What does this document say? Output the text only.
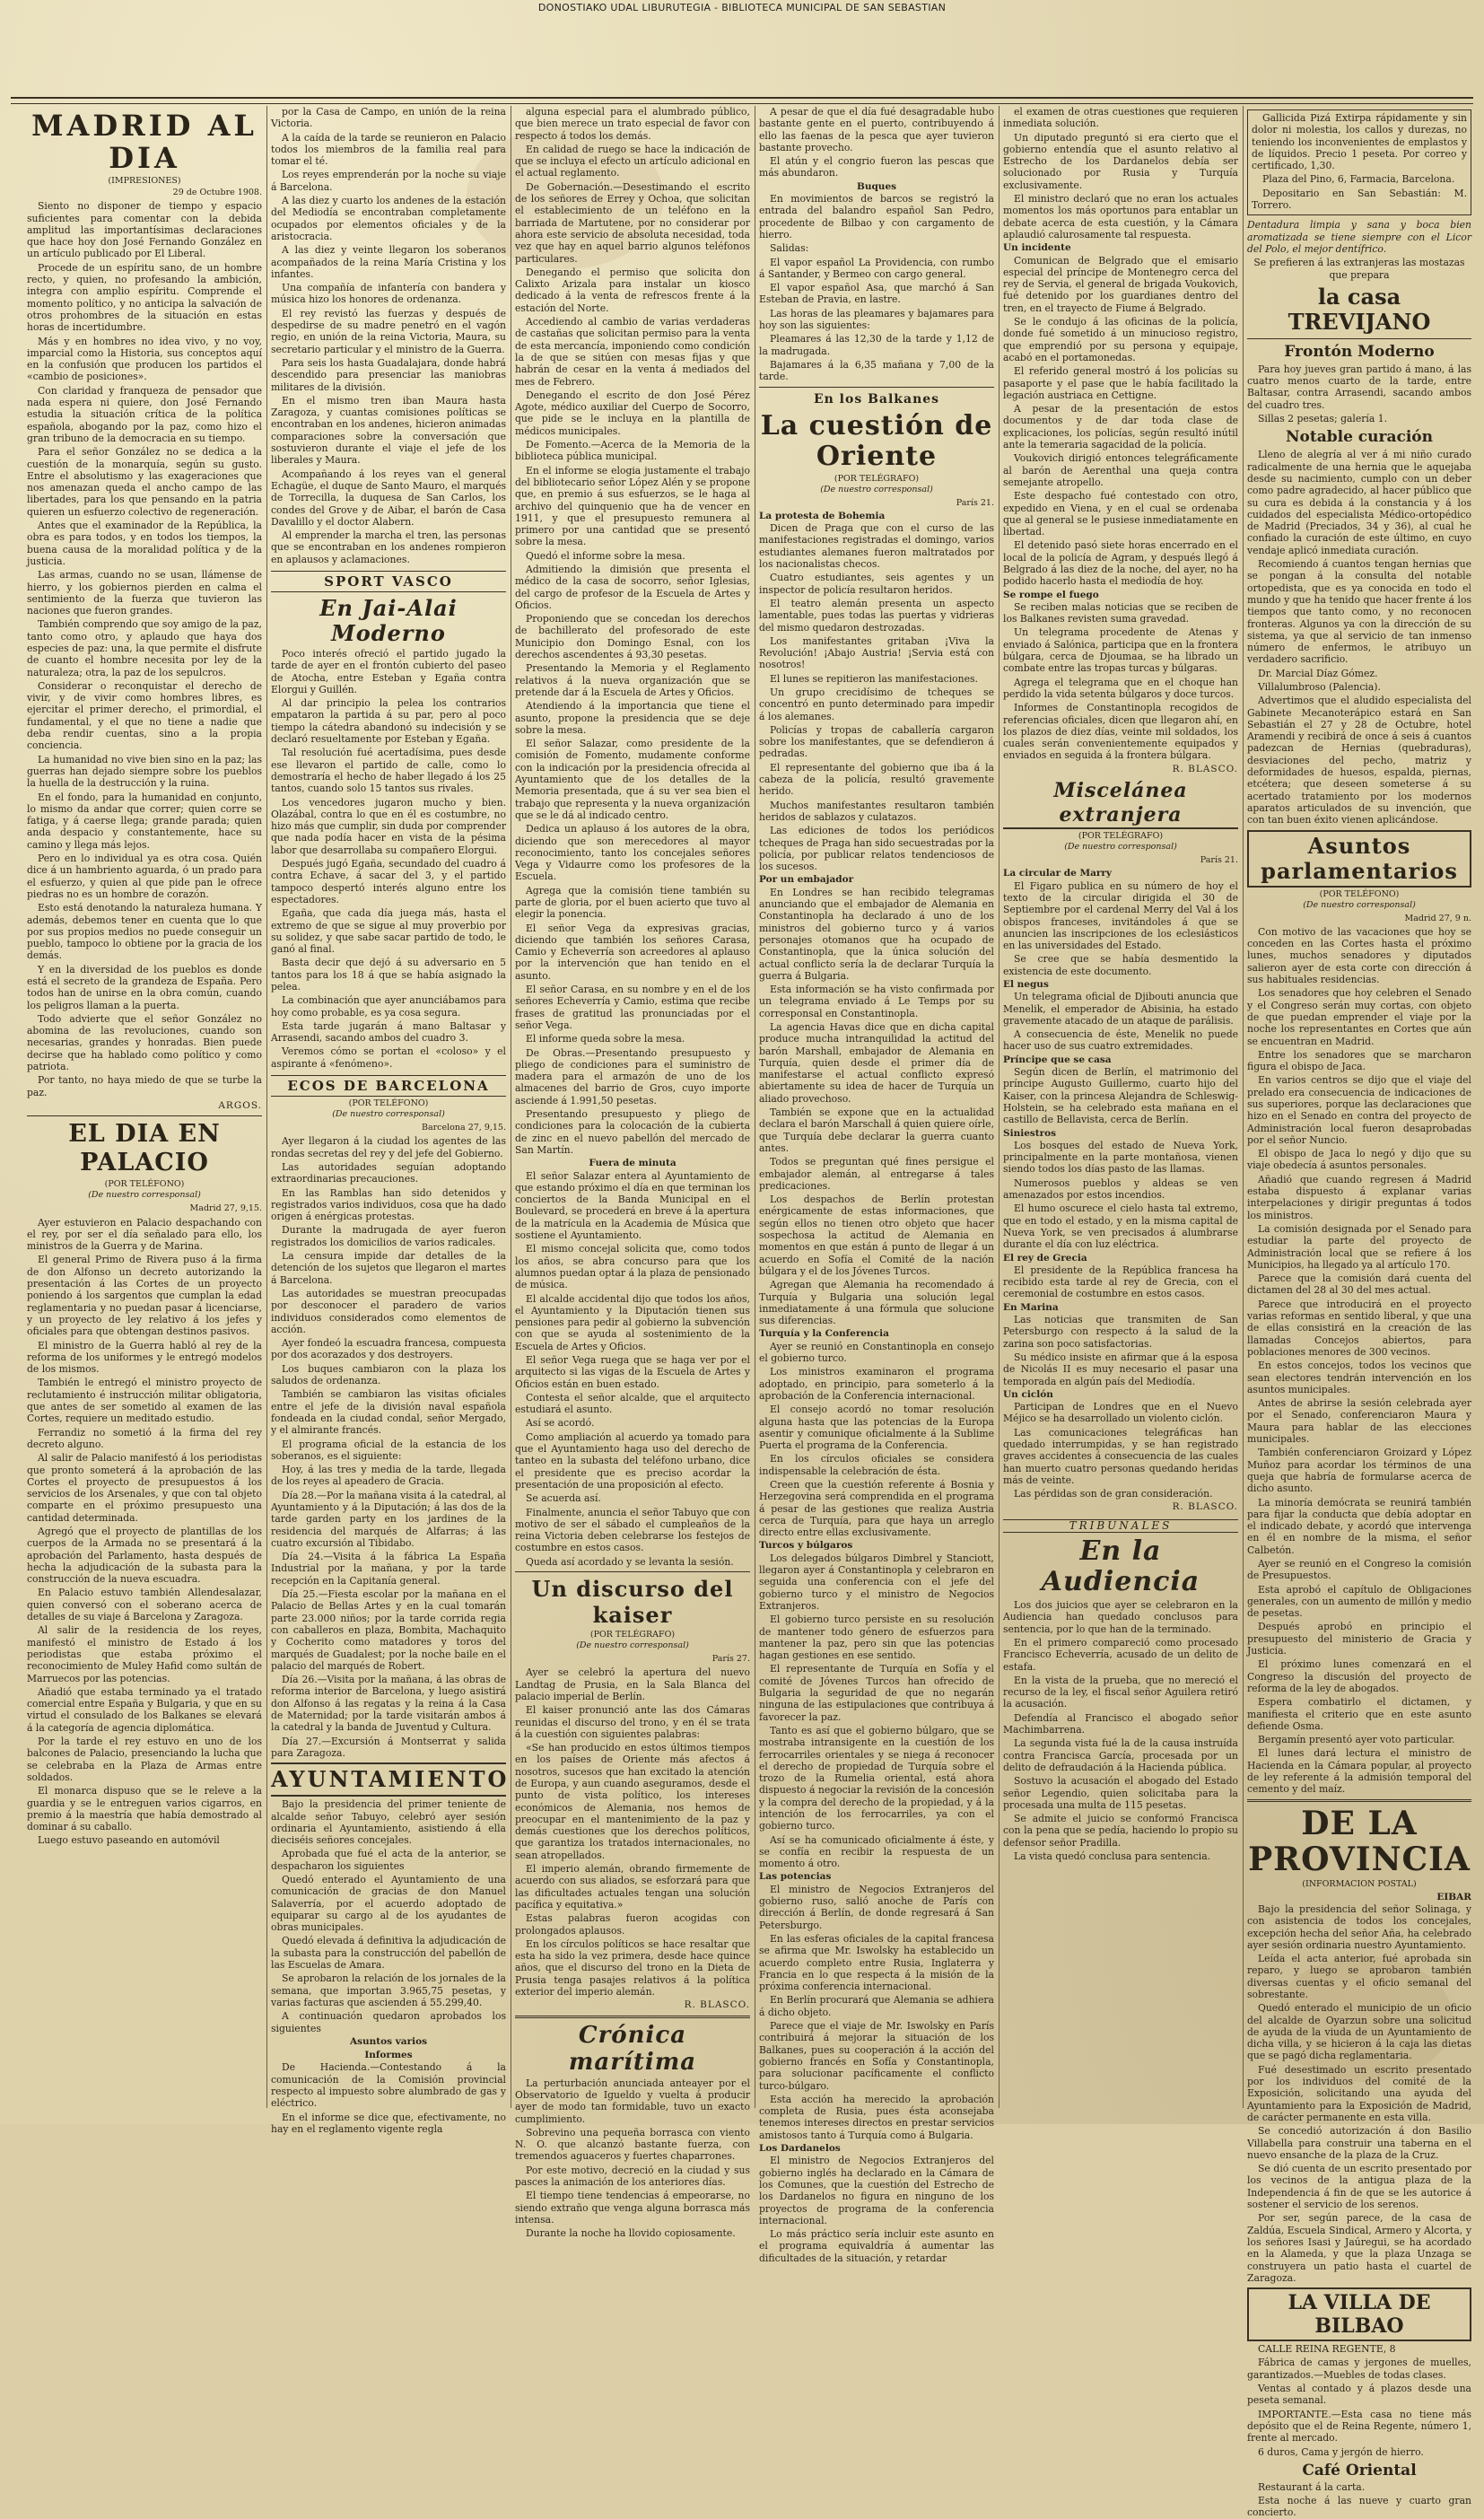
DONOSTIAKO UDAL LIBURUTEGIA - BIBLIOTECA MUNICIPAL DE SAN SEBASTIAN
MADRID AL DIA
(IMPRESIONES)
29 de Octubre 1908.

Siento no disponer de tiempo y espacio suficientes para comentar con la debida amplitud las importantísimas declaraciones que hace hoy don José Fernando González en un artículo publicado por El Liberal.

Procede de un espíritu sano, de un hombre recto, y quien, no profesando la ambición, integra con amplio espíritu. Comprende el momento político, y no anticipa la salvación de otros prohombres de la situación en estas horas de incertidumbre.

Más y en hombres no idea vivo, y no voy, imparcial como la Historia, sus conceptos aquí en la confusión que producen los partidos el «cambio de posiciones».

Con claridad y franqueza de pensador que nada espera ni quiere, don José Fernando estudia la situación crítica de la política española, abogando por la paz, como hizo el gran tribuno de la democracia en su tiempo.

Para el señor González no se dedica a la cuestión de la monarquía, según su gusto. Entre el absolutismo y las exageraciones que nos amenazan queda el ancho campo de las libertades, para los que pensando en la patria quieren un esfuerzo colectivo de regeneración.

Antes que el examinador de la República, la obra es para todos, y en todos los tiempos, la buena causa de la moralidad política y de la justicia.

Las armas, cuando no se usan, llámense de hierro, y los gobiernos pierden en calma el sentimiento de la fuerza que tuvieron las naciones que fueron grandes.

También comprendo que soy amigo de la paz, tanto como otro, y aplaudo que haya dos especies de paz: una, la que permite el disfrute de cuanto el hombre necesita por ley de la naturaleza; otra, la paz de los sepulcros.

Considerar o reconquistar el derecho de vivir, y de vivir como hombres libres, es ejercitar el primer derecho, el primordial, el fundamental, y el que no tiene a nadie que deba rendir cuentas, sino a la propia conciencia.

La humanidad no vive bien sino en la paz; las guerras han dejado siempre sobre los pueblos la huella de la destrucción y la ruina.

En el fondo, para la humanidad en conjunto, lo mismo da andar que correr; quien corre se fatiga, y á caerse llega; grande parada; quien anda despacio y constantemente, hace su camino y llega más lejos.

Pero en lo individual ya es otra cosa. Quién dice á un hambriento aguarda, ó un prado para el esfuerzo, y quien al que pide pan le ofrece piedras no es un hombre de corazón.

Esto está denotando la naturaleza humana. Y además, debemos tener en cuenta que lo que por sus propios medios no puede conseguir un pueblo, tampoco lo obtiene por la gracia de los demás.

Y en la diversidad de los pueblos es donde está el secreto de la grandeza de España. Pero todos han de unirse en la obra común, cuando los peligros llaman a la puerta.

Todo advierte que el señor González no abomina de las revoluciones, cuando son necesarias, grandes y honradas. Bien puede decirse que ha hablado como político y como patriota.

Por tanto, no haya miedo de que se turbe la paz.

ARGOS.
EL DIA EN PALACIO
(POR TELÉFONO)
(De nuestro corresponsal)
Madrid 27, 9,15.

Ayer estuvieron en Palacio despachando con el rey, por ser el día señalado para ello, los ministros de la Guerra y de Marina.

El general Primo de Rivera puso á la firma de don Alfonso un decreto autorizando la presentación á las Cortes de un proyecto poniendo á los sargentos que cumplan la edad reglamentaria y no puedan pasar á licenciarse, y un proyecto de ley relativo á los jefes y oficiales para que obtengan destinos pasivos.

El ministro de la Guerra habló al rey de la reforma de los uniformes y le entregó modelos de los mismos.

También le entregó el ministro proyecto de reclutamiento é instrucción militar obligatoria, que antes de ser sometido al examen de las Cortes, requiere un meditado estudio.

Ferrandiz no sometió á la firma del rey decreto alguno.

Al salir de Palacio manifestó á los periodistas que pronto someterá á la aprobación de las Cortes el proyecto de presupuestos á los servicios de los Arsenales, y que con tal objeto comparte en el próximo presupuesto una cantidad determinada.

Agregó que el proyecto de plantillas de los cuerpos de la Armada no se presentará á la aprobación del Parlamento, hasta después de hecha la adjudicación de la subasta para la construcción de la nueva escuadra.

En Palacio estuvo también Allendesalazar, quien conversó con el soberano acerca de detalles de su viaje á Barcelona y Zaragoza.

Al salir de la residencia de los reyes, manifestó el ministro de Estado á los periodistas que estaba próximo el reconocimiento de Muley Hafid como sultán de Marruecos por las potencias.

Añadió que estaba terminado ya el tratado comercial entre España y Bulgaria, y que en su virtud el consulado de los Balkanes se elevará á la categoría de agencia diplomática.

Por la tarde el rey estuvo en uno de los balcones de Palacio, presenciando la lucha que se celebraba en la Plaza de Armas entre soldados.

El monarca dispuso que se le releve a la guardia y se le entreguen varios cigarros, en premio á la maestría que había demostrado al dominar á su caballo.

Luego estuvo paseando en automóvil

por la Casa de Campo, en unión de la reina Victoria.

A la caída de la tarde se reunieron en Palacio todos los miembros de la familia real para tomar el té.

Los reyes emprenderán por la noche su viaje á Barcelona.

A las diez y cuarto los andenes de la estación del Mediodía se encontraban completamente ocupados por elementos oficiales y de la aristocracia.

A las diez y veinte llegaron los soberanos acompañados de la reina María Cristina y los infantes.

Una compañía de infantería con bandera y música hizo los honores de ordenanza.

El rey revistó las fuerzas y después de despedirse de su madre penetró en el vagón regio, en unión de la reina Victoria, Maura, su secretario particular y el ministro de la Guerra.

Para seis los hasta Guadalajara, donde habrá descendido para presenciar las maniobras militares de la división.

En el mismo tren iban Maura hasta Zaragoza, y cuantas comisiones políticas se encontraban en los andenes, hicieron animadas comparaciones sobre la conversación que sostuvieron durante el viaje el jefe de los liberales y Maura.

Acompañando á los reyes van el general Echagüe, el duque de Santo Mauro, el marqués de Torrecilla, la duquesa de San Carlos, los condes del Grove y de Aibar, el barón de Casa Davalillo y el doctor Alabern.

Al emprender la marcha el tren, las personas que se encontraban en los andenes rompieron en aplausos y aclamaciones.

SPORT VASCO
En Jai-Alai Moderno

Poco interés ofreció el partido jugado la tarde de ayer en el frontón cubierto del paseo de Atocha, entre Esteban y Egaña contra Elorgui y Guillén.

Al dar principio la pelea los contrarios empataron la partida á su par, pero al poco tiempo la cátedra abandonó su indecisión y se declaró resueltamente por Esteban y Egaña.

Tal resolución fué acertadísima, pues desde ese llevaron el partido de calle, como lo demostraría el hecho de haber llegado á los 25 tantos, cuando solo 15 tantos sus rivales.

Los vencedores jugaron mucho y bien. Olazábal, contra lo que en él es costumbre, no hizo más que cumplir, sin duda por comprender que nada podía hacer en vista de la pésima labor que desarrollaba su compañero Elorgui.

Después jugó Egaña, secundado del cuadro á contra Echave, á sacar del 3, y el partido tampoco despertó interés alguno entre los espectadores.

Egaña, que cada día juega más, hasta el extremo de que se sigue al muy proverbio por su solidez, y que sabe sacar partido de todo, le ganó al final.

Basta decir que dejó á su adversario en 5 tantos para los 18 á que se había asignado la pelea.

La combinación que ayer anunciábamos para hoy como probable, es ya cosa segura.

Esta tarde jugarán á mano Baltasar y Arrasendi, sacando ambos del cuadro 3.

Veremos cómo se portan el «coloso» y el aspirante á «fenómeno».

ECOS DE BARCELONA
(POR TELÉFONO)
(De nuestro corresponsal)
Barcelona 27, 9,15.

Ayer llegaron á la ciudad los agentes de las rondas secretas del rey y del jefe del Gobierno.

Las autoridades seguían adoptando extraordinarias precauciones.

En las Ramblas han sido detenidos y registrados varios individuos, cosa que ha dado origen á enérgicas protestas.

Durante la madrugada de ayer fueron registrados los domicilios de varios radicales.

La censura impide dar detalles de la detención de los sujetos que llegaron el martes á Barcelona.

Las autoridades se muestran preocupadas por desconocer el paradero de varios individuos considerados como elementos de acción.

Ayer fondeó la escuadra francesa, compuesta por dos acorazados y dos destroyers.

Los buques cambiaron con la plaza los saludos de ordenanza.

También se cambiaron las visitas oficiales entre el jefe de la división naval española fondeada en la ciudad condal, señor Mergado, y el almirante francés.

El programa oficial de la estancia de los soberanos, es el siguiente:

Hoy, á las tres y media de la tarde, llegada de los reyes al apeadero de Gracia.

Día 28.—Por la mañana visita á la catedral, al Ayuntamiento y á la Diputación; á las dos de la tarde garden party en los jardines de la residencia del marqués de Alfarras; á las cuatro excursión al Tibidabo.

Día 24.—Visita á la fábrica La España Industrial por la mañana, y por la tarde recepción en la Capitanía general.

Día 25.—Fiesta escolar por la mañana en el Palacio de Bellas Artes y en la cual tomarán parte 23.000 niños; por la tarde corrida regia con caballeros en plaza, Bombita, Machaquito y Cocherito como matadores y toros del marqués de Guadalest; por la noche baile en el palacio del marqués de Robert.

Día 26.—Visita por la mañana, á las obras de reforma interior de Barcelona, y luego asistirá don Alfonso á las regatas y la reina á la Casa de Maternidad; por la tarde visitarán ambos á la catedral y la banda de Juventud y Cultura.

Día 27.—Excursión á Montserrat y salida para Zaragoza.

AYUNTAMIENTO

Bajo la presidencia del primer teniente de alcalde señor Tabuyo, celebró ayer sesión ordinaria el Ayuntamiento, asistiendo á ella dieciséis señores concejales.

Aprobada que fué el acta de la anterior, se despacharon los siguientes

Quedó enterado el Ayuntamiento de una comunicación de gracias de don Manuel Salaverría, por el acuerdo adoptado de equiparar su cargo al de los ayudantes de obras municipales.

Quedó elevada á definitiva la adjudicación de la subasta para la construcción del pabellón de las Escuelas de Amara.

Se aprobaron la relación de los jornales de la semana, que importan 3.965,75 pesetas, y varias facturas que ascienden á 55.299,40.

A continuación quedaron aprobados los siguientes

Asuntos varios
Informes

De Hacienda.—Contestando á la comunicación de la Comisión provincial respecto al impuesto sobre alumbrado de gas y eléctrico.

En el informe se dice que, efectivamente, no hay en el reglamento vigente regla

alguna especial para el alumbrado público, que bien merece un trato especial de favor con respecto á todos los demás.

En calidad de ruego se hace la indicación de que se incluya el efecto un artículo adicional en el actual reglamento.

De Gobernación.—Desestimando el escrito de los señores de Errey y Ochoa, que solicitan el establecimiento de un teléfono en la barriada de Martutene, por no considerar por ahora este servicio de absoluta necesidad, toda vez que hay en aquel barrio algunos teléfonos particulares.

Denegando el permiso que solicita don Calixto Arizala para instalar un kiosco dedicado á la venta de refrescos frente á la estación del Norte.

Accediendo al cambio de varias verdaderas de castañas que solicitan permiso para la venta de esta mercancía, imponiendo como condición la de que se sitúen con mesas fijas y que habrán de cesar en la venta á mediados del mes de Febrero.

Denegando el escrito de don José Pérez Agote, médico auxiliar del Cuerpo de Socorro, que pide se le incluya en la plantilla de médicos municipales.

De Fomento.—Acerca de la Memoria de la biblioteca pública municipal.

En el informe se elogia justamente el trabajo del bibliotecario señor López Alén y se propone que, en premio á sus esfuerzos, se le haga al archivo del quinquenio que ha de vencer en 1911, y que el presupuesto remunera al primero por una cantidad que se presentó sobre la mesa.

Quedó el informe sobre la mesa.

Admitiendo la dimisión que presenta el médico de la casa de socorro, señor Iglesias, del cargo de profesor de la Escuela de Artes y Oficios.

Proponiendo que se concedan los derechos de bachillerato del profesorado de este Municipio don Domingo Esnal, con los derechos ascendentes á 93,30 pesetas.

Presentando la Memoria y el Reglamento relativos á la nueva organización que se pretende dar á la Escuela de Artes y Oficios.

Atendiendo á la importancia que tiene el asunto, propone la presidencia que se deje sobre la mesa.

El señor Salazar, como presidente de la comisión de Fomento, mudamente conforme con la indicación por la presidencia ofrecida al Ayuntamiento que de los detalles de la Memoria presentada, que á su ver sea bien el trabajo que representa y la nueva organización que se le dá al indicado centro.

Dedica un aplauso á los autores de la obra, diciendo que son merecedores al mayor reconocimiento, tanto los concejales señores Vega y Vidaurre como los profesores de la Escuela.

Agrega que la comisión tiene también su parte de gloria, por el buen acierto que tuvo al elegir la ponencia.

El señor Vega da expresivas gracias, diciendo que también los señores Carasa, Camio y Echeverría son acreedores al aplauso por la intervención que han tenido en el asunto.

El señor Carasa, en su nombre y en el de los señores Echeverría y Camio, estima que recibe frases de gratitud las pronunciadas por el señor Vega.

El informe queda sobre la mesa.

De Obras.—Presentando presupuesto y pliego de condiciones para el suministro de madera para el armazón de uno de los almacenes del barrio de Gros, cuyo importe asciende á 1.991,50 pesetas.

Presentando presupuesto y pliego de condiciones para la colocación de la cubierta de zinc en el nuevo pabellón del mercado de San Martín.

Fuera de minuta

El señor Salazar entera al Ayuntamiento de que estando próximo el día en que terminan los conciertos de la Banda Municipal en el Boulevard, se procederá en breve á la apertura de la matrícula en la Academia de Música que sostiene el Ayuntamiento.

El mismo concejal solicita que, como todos los años, se abra concurso para que los alumnos puedan optar á la plaza de pensionado de música.

El alcalde accidental dijo que todos los años, el Ayuntamiento y la Diputación tienen sus pensiones para pedir al gobierno la subvención con que se ayuda al sostenimiento de la Escuela de Artes y Oficios.

El señor Vega ruega que se haga ver por el arquitecto si las vigas de la Escuela de Artes y Oficios están en buen estado.

Contesta el señor alcalde, que el arquitecto estudiará el asunto.

Así se acordó.

Como ampliación al acuerdo ya tomado para que el Ayuntamiento haga uso del derecho de tanteo en la subasta del teléfono urbano, dice el presidente que es preciso acordar la presentación de una proposición al efecto.

Se acuerda así.

Finalmente, anuncia el señor Tabuyo que con motivo de ser el sábado el cumpleaños de la reina Victoria deben celebrarse los festejos de costumbre en estos casos.

Queda así acordado y se levanta la sesión.

Un discurso del kaiser
(POR TELÉGRAFO)
(De nuestro corresponsal)
París 27.

Ayer se celebró la apertura del nuevo Landtag de Prusia, en la Sala Blanca del palacio imperial de Berlín.

El kaiser pronunció ante las dos Cámaras reunidas el discurso del trono, y en él se trata á la cuestión con siguientes palabras:

«Se han producido en estos últimos tiempos en los países de Oriente más afectos á nosotros, sucesos que han excitado la atención de Europa, y aun cuando aseguramos, desde el punto de vista político, los intereses económicos de Alemania, nos hemos de preocupar en el mantenimiento de la paz y demás cuestiones que los derechos políticos, que garantiza los tratados internacionales, no sean atropellados.

El imperio alemán, obrando firmemente de acuerdo con sus aliados, se esforzará para que las dificultades actuales tengan una solución pacífica y equitativa.»

Estas palabras fueron acogidas con prolongados aplausos.

En los círculos políticos se hace resaltar que esta ha sido la vez primera, desde hace quince años, que el discurso del trono en la Dieta de Prusia tenga pasajes relativos á la política exterior del imperio alemán.

R. BLASCO.
Crónica marítima

La perturbación anunciada anteayer por el Observatorio de Igueldo y vuelta á producir ayer de modo tan formidable, tuvo un exacto cumplimiento.

Sobrevino una pequeña borrasca con viento N. O. que alcanzó bastante fuerza, con tremendos aguaceros y fuertes chaparrones.

Por este motivo, decreció en la ciudad y sus pasces la animación de los anteriores días.

El tiempo tiene tendencias á empeorarse, no siendo extraño que venga alguna borrasca más intensa.

Durante la noche ha llovido copiosamente.

A pesar de que el día fué desagradable hubo bastante gente en el puerto, contribuyendo á ello las faenas de la pesca que ayer tuvieron bastante provecho.

El atún y el congrio fueron las pescas que más abundaron.

Buques

En movimientos de barcos se registró la entrada del balandro español San Pedro, procedente de Bilbao y con cargamento de hierro.

Salidas:

El vapor español La Providencia, con rumbo á Santander, y Bermeo con cargo general.

El vapor español Asa, que marchó á San Esteban de Pravia, en lastre.

Las horas de las pleamares y bajamares para hoy son las siguientes:

Pleamares á las 12,30 de la tarde y 1,12 de la madrugada.

Bajamares á la 6,35 mañana y 7,00 de la tarde.

En los Balkanes
La cuestión de Oriente
(POR TELÉGRAFO)
(De nuestro corresponsal)
París 21.
La protesta de Bohemia

Dicen de Praga que con el curso de las manifestaciones registradas el domingo, varios estudiantes alemanes fueron maltratados por los nacionalistas checos.

Cuatro estudiantes, seis agentes y un inspector de policía resultaron heridos.

El teatro alemán presenta un aspecto lamentable, pues todas las puertas y vidrieras del mismo quedaron destrozadas.

Los manifestantes gritaban ¡Viva la Revolución! ¡Abajo Austria! ¡Servia está con nosotros!

El lunes se repitieron las manifestaciones.

Un grupo crecidísimo de tcheques se concentró en punto determinado para impedir á los alemanes.

Policías y tropas de caballería cargaron sobre los manifestantes, que se defendieron á pedradas.

El representante del gobierno que iba á la cabeza de la policía, resultó gravemente herido.

Muchos manifestantes resultaron también heridos de sablazos y culatazos.

Las ediciones de todos los periódicos tcheques de Praga han sido secuestradas por la policía, por publicar relatos tendenciosos de los sucesos.

Por un embajador

En Londres se han recibido telegramas anunciando que el embajador de Alemania en Constantinopla ha declarado á uno de los ministros del gobierno turco y á varios personajes otomanos que ha ocupado de Constantinopla, que la única solución del actual conflicto sería la de declarar Turquía la guerra á Bulgaria.

Esta información se ha visto confirmada por un telegrama enviado á Le Temps por su corresponsal en Constantinopla.

La agencia Havas dice que en dicha capital produce mucha intranquilidad la actitud del barón Marshall, embajador de Alemania en Turquía, quien desde el primer día de manifestarse el actual conflicto expresó abiertamente su idea de hacer de Turquía un aliado provechoso.

También se expone que en la actualidad declara el barón Marschall á quien quiere oírle, que Turquía debe declarar la guerra cuanto antes.

Todos se preguntan qué fines persigue el embajador alemán, al entregarse á tales predicaciones.

Los despachos de Berlín protestan enérgicamente de estas informaciones, que según ellos no tienen otro objeto que hacer sospechosa la actitud de Alemania en momentos en que están á punto de llegar á un acuerdo en Sofía el Comité de la nación búlgara y el de los Jóvenes Turcos.

Agregan que Alemania ha recomendado á Turquía y Bulgaria una solución legal inmediatamente á una fórmula que solucione sus diferencias.

Turquía y la Conferencia

Ayer se reunió en Constantinopla en consejo el gobierno turco.

Los ministros examinaron el programa adoptado, en principio, para someterlo á la aprobación de la Conferencia internacional.

El consejo acordó no tomar resolución alguna hasta que las potencias de la Europa asentir y comunique oficialmente á la Sublime Puerta el programa de la Conferencia.

En los círculos oficiales se considera indispensable la celebración de ésta.

Creen que la cuestión referente á Bosnia y Herzegovina será comprendida en el programa á pesar de las gestiones que realiza Austria cerca de Turquía, para que haya un arreglo directo entre ellas exclusivamente.

Turcos y búlgaros

Los delegados búlgaros Dimbrel y Stanciott, llegaron ayer á Constantinopla y celebraron en seguida una conferencia con el jefe del gobierno turco y el ministro de Negocios Extranjeros.

El gobierno turco persiste en su resolución de mantener todo género de esfuerzos para mantener la paz, pero sin que las potencias hagan gestiones en ese sentido.

El representante de Turquía en Sofía y el comité de Jóvenes Turcos han ofrecido de Bulgaria la seguridad de que no negarán ninguna de las estipulaciones que contribuya á favorecer la paz.

Tanto es así que el gobierno búlgaro, que se mostraba intransigente en la cuestión de los ferrocarriles orientales y se niega á reconocer el derecho de propiedad de Turquía sobre el trozo de la Rumelia oriental, está ahora dispuesto á negociar la revisión de la concesión y la compra del derecho de la propiedad, y á la intención de los ferrocarriles, ya con el gobierno turco.

Así se ha comunicado oficialmente á éste, y se confía en recibir la respuesta de un momento á otro.

Las potencias

El ministro de Negocios Extranjeros del gobierno ruso, salió anoche de París con dirección á Berlín, de donde regresará á San Petersburgo.

En las esferas oficiales de la capital francesa se afirma que Mr. Iswolsky ha establecido un acuerdo completo entre Rusia, Inglaterra y Francia en lo que respecta á la misión de la próxima conferencia internacional.

En Berlín procurará que Alemania se adhiera á dicho objeto.

Parece que el viaje de Mr. Iswolsky en París contribuirá á mejorar la situación de los Balkanes, pues su cooperación á la acción del gobierno francés en Sofía y Constantinopla, para solucionar pacíficamente el conflicto turco-búlgaro.

Esta acción ha merecido la aprobación completa de Rusia, pues ésta aconsejaba tenemos intereses directos en prestar servicios amistosos tanto á Turquía como á Bulgaria.

Los Dardanelos

El ministro de Negocios Extranjeros del gobierno inglés ha declarado en la Cámara de los Comunes, que la cuestión del Estrecho de los Dardanelos no figura en ninguno de los proyectos de programa de la conferencia internacional.

Lo más práctico sería incluir este asunto en el programa equivaldría á aumentar las dificultades de la situación, y retardar

el examen de otras cuestiones que requieren inmediata solución.

Un diputado preguntó si era cierto que el gobierno entendía que el asunto relativo al Estrecho de los Dardanelos debía ser solucionado por Rusia y Turquía exclusivamente.

El ministro declaró que no eran los actuales momentos los más oportunos para entablar un debate acerca de esta cuestión, y la Cámara aplaudió calurosamente tal respuesta.

Un incidente

Comunican de Belgrado que el emisario especial del príncipe de Montenegro cerca del rey de Servia, el general de brigada Voukovich, fué detenido por los guardianes dentro del tren, en el trayecto de Fiume á Belgrado.

Se le condujo á las oficinas de la policía, donde fué sometido á un minucioso registro, que emprendió por su persona y equipaje, acabó en el portamonedas.

El referido general mostró á los policías su pasaporte y el pase que le había facilitado la legación austriaca en Cettigne.

A pesar de la presentación de estos documentos y de dar toda clase de explicaciones, los policías, según resultó inútil ante la temeraria sagacidad de la policía.

Voukovich dirigió entonces telegráficamente al barón de Aerenthal una queja contra semejante atropello.

Este despacho fué contestado con otro, expedido en Viena, y en el cual se ordenaba que al general se le pusiese inmediatamente en libertad.

El detenido pasó siete horas encerrado en el local de la policía de Agram, y después llegó á Belgrado á las diez de la noche, del ayer, no ha podido hacerlo hasta el mediodía de hoy.

Se rompe el fuego

Se reciben malas noticias que se reciben de los Balkanes revisten suma gravedad.

Un telegrama procedente de Atenas y enviado á Salónica, participa que en la frontera búlgara, cerca de Djoumaa, se ha librado un combate entre las tropas turcas y búlgaras.

Agrega el telegrama que en el choque han perdido la vida setenta búlgaros y doce turcos.

Informes de Constantinopla recogidos de referencias oficiales, dicen que llegaron ahí, en los plazos de diez días, veinte mil soldados, los cuales serán convenientemente equipados y enviados en seguida á la frontera búlgara.

R. BLASCO.
Miscelánea extranjera
(POR TELÉGRAFO)
(De nuestro corresponsal)
París 21.
La circular de Marry

El Figaro publica en su número de hoy el texto de la circular dirigida el 30 de Septiembre por el cardenal Merry del Val á los obispos franceses, invitándoles á que se anuncien las inscripciones de los eclesiásticos en las universidades del Estado.

Se cree que se había desmentido la existencia de este documento.

El negus

Un telegrama oficial de Djibouti anuncia que Menelik, el emperador de Abisinia, ha estado gravemente atacado de un ataque de parálisis.

A consecuencia de éste, Menelik no puede hacer uso de sus cuatro extremidades.

Príncipe que se casa

Según dicen de Berlín, el matrimonio del príncipe Augusto Guillermo, cuarto hijo del Kaiser, con la princesa Alejandra de Schleswig-Holstein, se ha celebrado esta mañana en el castillo de Bellavista, cerca de Berlín.

Siniestros

Los bosques del estado de Nueva York, principalmente en la parte montañosa, vienen siendo todos los días pasto de las llamas.

Numerosos pueblos y aldeas se ven amenazados por estos incendios.

El humo oscurece el cielo hasta tal extremo, que en todo el estado, y en la misma capital de Nueva York, se ven precisados á alumbrarse durante el día con luz eléctrica.

El rey de Grecia

El presidente de la República francesa ha recibido esta tarde al rey de Grecia, con el ceremonial de costumbre en estos casos.

En Marina

Las noticias que transmiten de San Petersburgo con respecto á la salud de la zarina son poco satisfactorias.

Su médico insiste en afirmar que á la esposa de Nicolás II es muy necesario el pasar una temporada en algún país del Mediodía.

Un ciclón

Participan de Londres que en el Nuevo Méjico se ha desarrollado un violento ciclón.

Las comunicaciones telegráficas han quedado interrumpidas, y se han registrado graves accidentes á consecuencia de las cuales han muerto cuatro personas quedando heridas más de veinte.

Las pérdidas son de gran consideración.

R. BLASCO.
TRIBUNALES
En la Audiencia

Los dos juicios que ayer se celebraron en la Audiencia han quedado conclusos para sentencia, por lo que han de la terminado.

En el primero compareció como procesado Francisco Echeverría, acusado de un delito de estafa.

En la vista de la prueba, que no mereció el recurso de la ley, el fiscal señor Aguilera retiró la acusación.

Defendía al Francisco el abogado señor Machimbarrena.

La segunda vista fué la de la causa instruída contra Francisca García, procesada por un delito de defraudación á la Hacienda pública.

Sostuvo la acusación el abogado del Estado señor Legendio, quien solicitaba para la procesada una multa de 115 pesetas.

Se admite el juicio se conformó Francisca con la pena que se pedía, haciendo lo propio su defensor señor Pradilla.

La vista quedó conclusa para sentencia.

Gallicida Pizá Extirpa rápidamente y sin dolor ni molestia, los callos y durezas, no teniendo los inconvenientes de emplastos y de líquidos. Precio 1 peseta. Por correo y certificado, 1,30.

Plaza del Pino, 6, Farmacia, Barcelona.

Depositario en San Sebastián: M. Torrero.

Dentadura limpia y sana y boca bien aromatizada se tiene siempre con el Licor del Polo, el mejor dentífrico.

Se prefieren á las extranjeras las mostazas que prepara

la casa TREVIJANO
Frontón Moderno

Para hoy jueves gran partido á mano, á las cuatro menos cuarto de la tarde, entre Baltasar, contra Arrasendi, sacando ambos del cuadro tres.

Sillas 2 pesetas; galería 1.

Notable curación

Lleno de alegría al ver á mi niño curado radicalmente de una hernia que le aquejaba desde su nacimiento, cumplo con un deber como padre agradecido, al hacer público que su cura es debida á la constancia y á los cuidados del especialista Médico-ortopédico de Madrid (Preciados, 34 y 36), al cual he confiado la curación de este último, en cuyo vendaje aplicó inmediata curación.

Recomiendo á cuantos tengan hernias que se pongan á la consulta del notable ortopedista, que es ya conocida en todo el mundo y que ha tenido que hacer frente á los tiempos que tanto como, y no reconocen fronteras. Algunos ya con la dirección de su sistema, ya que al servicio de tan inmenso número de enfermos, le atribuyo un verdadero sacrificio.

Dr. Marcial Díaz Gómez.

Villalumbroso (Palencia).

Advertimos que el aludido especialista del Gabinete Mecanoterápico estará en San Sebastián el 27 y 28 de Octubre, hotel Aramendi y recibirá de once á seis á cuantos padezcan de Hernias (quebraduras), desviaciones del pecho, matriz y deformidades de huesos, espalda, piernas, etcétera; que deseen someterse á su acertado tratamiento por los modernos aparatos articulados de su invención, que con tan buen éxito vienen aplicándose.

Asuntos parlamentarios
(POR TELÉFONO)
(De nuestro corresponsal)
Madrid 27, 9 n.

Con motivo de las vacaciones que hoy se conceden en las Cortes hasta el próximo lunes, muchos senadores y diputados salieron ayer de esta corte con dirección á sus habituales residencias.

Los senadores que hoy celebren el Senado y el Congreso serán muy cortas, con objeto de que puedan emprender el viaje por la noche los representantes en Cortes que aún se encuentran en Madrid.

Entre los senadores que se marcharon figura el obispo de Jaca.

En varios centros se dijo que el viaje del prelado era consecuencia de indicaciones de sus superiores, porque las declaraciones que hizo en el Senado en contra del proyecto de Administración local fueron desaprobadas por el señor Nuncio.

El obispo de Jaca lo negó y dijo que su viaje obedecía á asuntos personales.

Añadió que cuando regresen á Madrid estaba dispuesto á explanar varias interpelaciones y dirigir preguntas á todos los ministros.

La comisión designada por el Senado para estudiar la parte del proyecto de Administración local que se refiere á los Municipios, ha llegado ya al artículo 170.

Parece que la comisión dará cuenta del dictamen del 28 al 30 del mes actual.

Parece que introducirá en el proyecto varias reformas en sentido liberal, y que una de ellas consistirá en la creación de las llamadas Concejos abiertos, para poblaciones menores de 300 vecinos.

En estos concejos, todos los vecinos que sean electores tendrán intervención en los asuntos municipales.

Antes de abrirse la sesión celebrada ayer por el Senado, conferenciaron Maura y Maura para hablar de las elecciones municipales.

También conferenciaron Groizard y López Muñoz para acordar los términos de una queja que habría de formularse acerca de dicho asunto.

La minoría demócrata se reunirá también para fijar la conducta que debía adoptar en el indicado debate, y acordó que intervenga en él en nombre de la misma, el señor Calbetón.

Ayer se reunió en el Congreso la comisión de Presupuestos.

Esta aprobó el capítulo de Obligaciones generales, con un aumento de millón y medio de pesetas.

Después aprobó en principio el presupuesto del ministerio de Gracia y Justicia.

El próximo lunes comenzará en el Congreso la discusión del proyecto de reforma de la ley de abogados.

Espera combatirlo el dictamen, y manifiesta el criterio que en este asunto defiende Osma.

Bergamín presentó ayer voto particular.

El lunes dará lectura el ministro de Hacienda en la Cámara popular, al proyecto de ley referente á la admisión temporal del cemento y del maíz.

DE LA PROVINCIA
(INFORMACION POSTAL)
EIBAR

Bajo la presidencia del señor Solinaga, y con asistencia de todos los concejales, excepción hecha del señor Aña, ha celebrado ayer sesión ordinaria nuestro Ayuntamiento.

Leída el acta anterior, fué aprobada sin reparo, y luego se aprobaron también diversas cuentas y el oficio semanal del sobrestante.

Quedó enterado el municipio de un oficio del alcalde de Oyarzun sobre una solicitud de ayuda de la viuda de un Ayuntamiento de dicha villa, y se hicieron á la caja las dietas que se pagó dicha reglamentaria.

Fué desestimado un escrito presentado por los individuos del comité de la Exposición, solicitando una ayuda del Ayuntamiento para la Exposición de Madrid, de carácter permanente en esta villa.

Se concedió autorización á don Basilio Villabella para construir una taberna en el nuevo ensanche de la plaza de la Cruz.

Se dió cuenta de un escrito presentado por los vecinos de la antigua plaza de la Independencia á fin de que se les autorice á sostener el servicio de los serenos.

Por ser, según parece, de la casa de Zaldúa, Escuela Sindical, Armero y Alcorta, y los señores Isasi y Jaúregui, se ha acordado en la Alameda, y que la plaza Unzaga se construyera un patio hasta el cuartel de Zaragoza.

LA VILLA DE BILBAO

CALLE REINA REGENTE, 8

Fábrica de camas y jergones de muelles, garantizados.—Muebles de todas clases.

Ventas al contado y á plazos desde una peseta semanal.

IMPORTANTE.—Esta casa no tiene más depósito que el de Reina Regente, número 1, frente al mercado.

6 duros, Cama y jergón de hierro.

Café Oriental

Restaurant á la carta.

Esta noche á las nueve y cuarto gran concierto.
